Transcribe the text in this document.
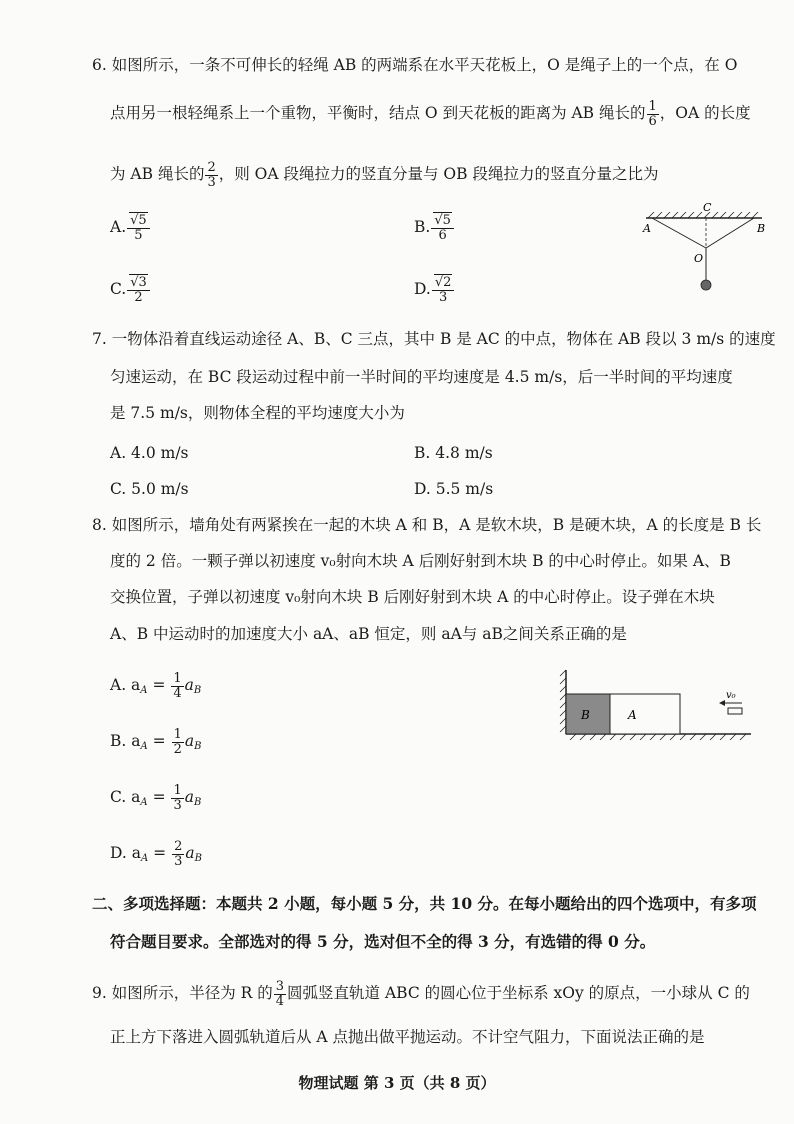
6. 如图所示，一条不可伸长的轻绳 AB 的两端系在水平天花板上，O 是绳子上的一个点，在 O
点用另一根轻绳系上一个重物，平衡时，结点 O 到天花板的距离为 AB 绳长的 $\frac{1}{6}$ ，OA 的长度
为 AB 绳长的 $\frac{2}{3}$ ，则 OA 段绳拉力的竖直分量与 OB 段绳拉力的竖直分量之比为
A. $\frac{√5}{5}$	B. $\frac{√5}{6}$
C. $\frac{√3}{2}$	D. $\frac{√2}{3}$
A	B
C
O
7. 一物体沿着直线运动途径 A、B、C 三点，其中 B 是 AC 的中点，物体在 AB 段以 3 m/s 的速度
匀速运动，在 BC 段运动过程中前一半时间的平均速度是 4.5 m/s，后一半时间的平均速度
是 7.5 m/s，则物体全程的平均速度大小为
A. 4.0 m/s	B. 4.8 m/s
C. 5.0 m/s	D. 5.5 m/s
8. 如图所示，墙角处有两紧挨在一起的木块 A 和 B，A 是软木块，B 是硬木块，A 的长度是 B 长
度的 2 倍。一颗子弹以初速度 v₀射向木块 A 后刚好射到木块 B 的中心时停止。如果 A、B
交换位置，子弹以初速度 v₀射向木块 B 后刚好射到木块 A 的中心时停止。设子弹在木块
A、B 中运动时的加速度大小 aA、aB 恒定，则 aA与 aB之间关系正确的是
A. $a_A = \frac{1}{4} a_B$
B. $a_A = \frac{1}{2} a_B$
C. $a_A = \frac{1}{3} a_B$
D. $a_A = \frac{2}{3} a_B$
B	A
v₀
二、多项选择题：本题共 2 小题，每小题 5 分，共 10 分。在每小题给出的四个选项中，有多项
符合题目要求。全部选对的得 5 分，选对但不全的得 3 分，有选错的得 0 分。
9. 如图所示，半径为 R 的 $\frac{3}{4}$ 圆弧竖直轨道 ABC 的圆心位于坐标系 xOy 的原点，一小球从 C 的
正上方下落进入圆弧轨道后从 A 点抛出做平抛运动。不计空气阻力，下面说法正确的是
物理试题 第 3 页（共 8 页）
